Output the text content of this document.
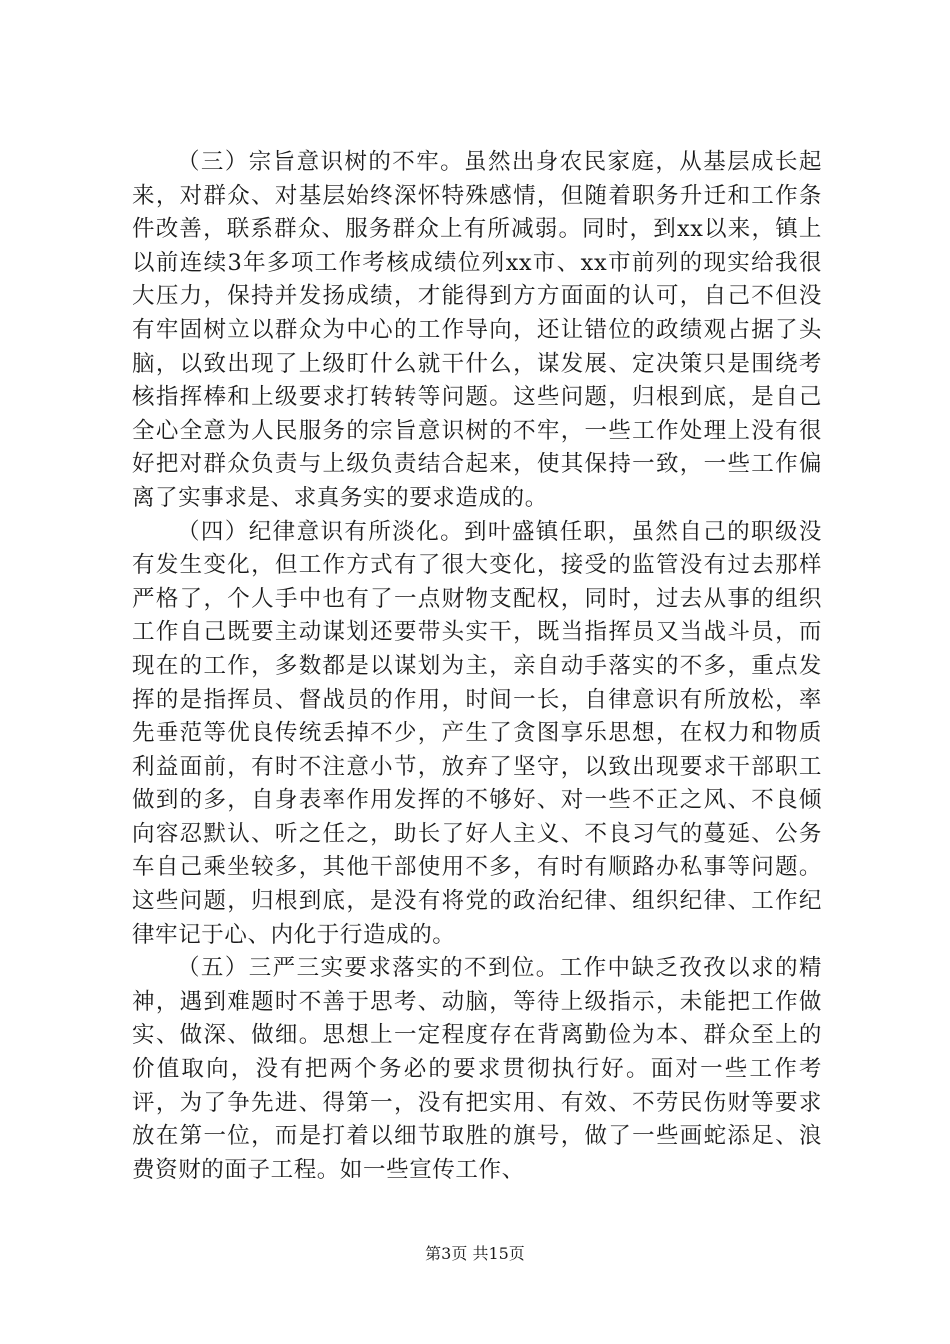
（三）宗旨意识树的不牢。虽然出身农民家庭，从基层成长起来，对群众、对基层始终深怀特殊感情，但随着职务升迁和工作条件改善，联系群众、服务群众上有所减弱。同时，到xx以来，镇上以前连续3年多项工作考核成绩位列xx市、xx市前列的现实给我很大压力，保持并发扬成绩，才能得到方方面面的认可，自己不但没有牢固树立以群众为中心的工作导向，还让错位的政绩观占据了头脑，以致出现了上级盯什么就干什么，谋发展、定决策只是围绕考核指挥棒和上级要求打转转等问题。这些问题，归根到底，是自己全心全意为人民服务的宗旨意识树的不牢，一些工作处理上没有很好把对群众负责与上级负责结合起来，使其保持一致，一些工作偏离了实事求是、求真务实的要求造成的。

（四）纪律意识有所淡化。到叶盛镇任职，虽然自己的职级没有发生变化，但工作方式有了很大变化，接受的监管没有过去那样严格了，个人手中也有了一点财物支配权，同时，过去从事的组织工作自己既要主动谋划还要带头实干，既当指挥员又当战斗员，而现在的工作，多数都是以谋划为主，亲自动手落实的不多，重点发挥的是指挥员、督战员的作用，时间一长，自律意识有所放松，率先垂范等优良传统丢掉不少，产生了贪图享乐思想，在权力和物质利益面前，有时不注意小节，放弃了坚守，以致出现要求干部职工做到的多，自身表率作用发挥的不够好、对一些不正之风、不良倾向容忍默认、听之任之，助长了好人主义、不良习气的蔓延、公务车自己乘坐较多，其他干部使用不多，有时有顺路办私事等问题。这些问题，归根到底，是没有将党的政治纪律、组织纪律、工作纪律牢记于心、内化于行造成的。

（五）三严三实要求落实的不到位。工作中缺乏孜孜以求的精神，遇到难题时不善于思考、动脑，等待上级指示，未能把工作做实、做深、做细。思想上一定程度存在背离勤俭为本、群众至上的价值取向，没有把两个务必的要求贯彻执行好。面对一些工作考评，为了争先进、得第一，没有把实用、有效、不劳民伤财等要求放在第一位，而是打着以细节取胜的旗号，做了一些画蛇添足、浪费资财的面子工程。如一些宣传工作、

第3页 共15页
